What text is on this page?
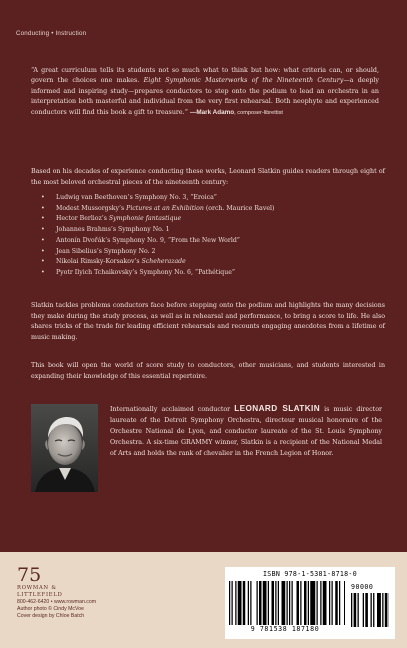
Conducting • Instruction
“A great curriculum tells its students not so much what to think but how: what criteria can, or should, govern the choices one makes. Eight Symphonic Masterworks of the Nineteenth Century—a deeply informed and inspiring study—prepares conductors to step onto the podium to lead an orchestra in an interpretation both masterful and individual from the very first rehearsal. Both neophyte and experienced conductors will find this book a gift to treasure.” —Mark Adamo, composer-librettist
Based on his decades of experience conducting these works, Leonard Slatkin guides readers through eight of the most beloved orchestral pieces of the nineteenth century:
• Ludwig van Beethoven’s Symphony No. 3, “Eroica”
• Modest Mussorgsky’s Pictures at an Exhibition (orch. Maurice Ravel)
• Hector Berlioz’s Symphonie fantastique
• Johannes Brahms’s Symphony No. 1
• Antonín Dvořák’s Symphony No. 9, “From the New World”
• Jean Sibelius’s Symphony No. 2
• Nikolai Rimsky-Korsakov’s Scheherazade
• Pyotr Ilyich Tchaikovsky’s Symphony No. 6, “Pathétique”
Slatkin tackles problems conductors face before stepping onto the podium and highlights the many decisions they make during the study process, as well as in rehearsal and performance, to bring a score to life. He also shares tricks of the trade for leading efficient rehearsals and recounts engaging anecdotes from a lifetime of music making.
This book will open the world of score study to conductors, other musicians, and students interested in expanding their knowledge of this essential repertoire.
Internationally acclaimed conductor LEONARD SLATKIN is music director laureate of the Detroit Symphony Orchestra, directeur musical honoraire of the Orchestre National de Lyon, and conductor laureate of the St. Louis Symphony Orchestra. A six-time GRAMMY winner, Slatkin is a recipient of the National Medal of Arts and holds the rank of chevalier in the French Legion of Honor.
75
ROWMAN &
LITTLEFIELD
800-462-6420 • www.rowman.com
Author photo © Cindy McVoe
Cover design by Chloe Batch
ISBN 978-1-5381-8718-0
90000
9 781538 187180
